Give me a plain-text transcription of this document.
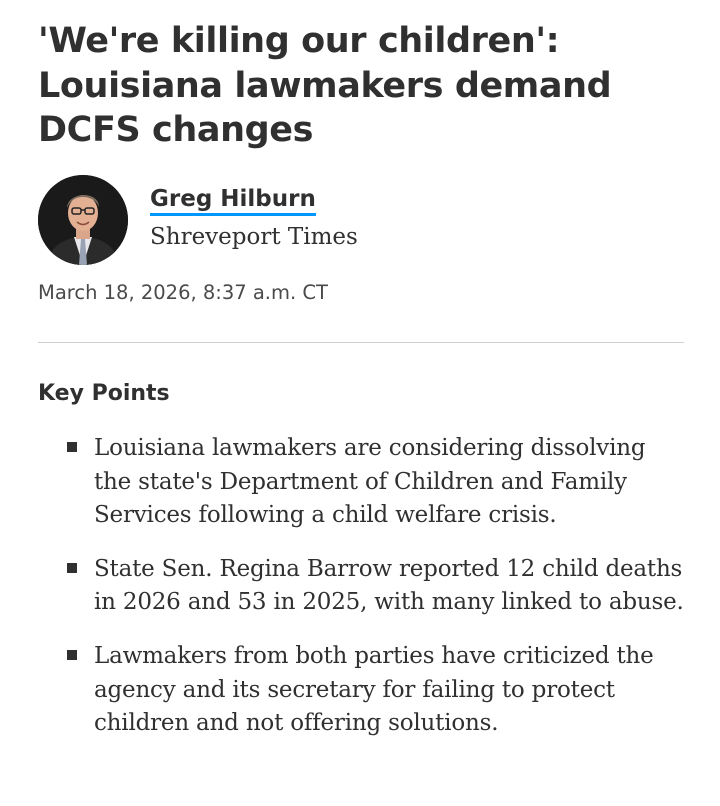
'We're killing our children': Louisiana lawmakers demand DCFS changes
Greg Hilburn
Shreveport Times
March 18, 2026, 8:37 a.m. CT
Key Points
Louisiana lawmakers are considering dissolving the state's Department of Children and Family Services following a child welfare crisis.
State Sen. Regina Barrow reported 12 child deaths in 2026 and 53 in 2025, with many linked to abuse.
Lawmakers from both parties have criticized the agency and its secretary for failing to protect children and not offering solutions.
